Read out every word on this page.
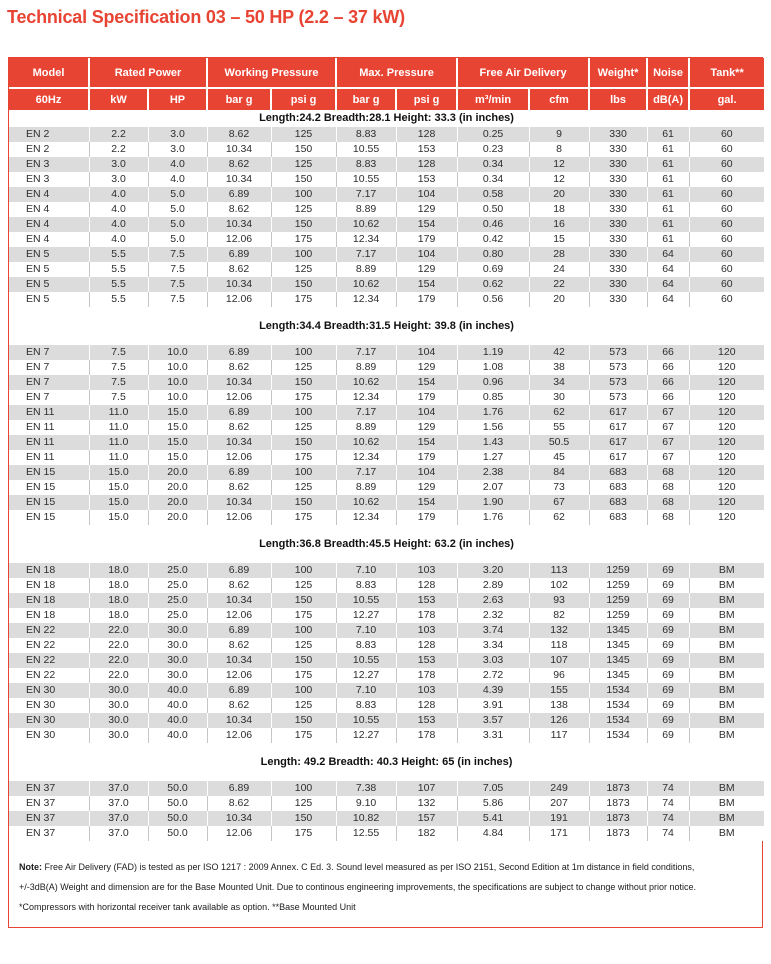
Technical Specification 03 – 50 HP (2.2 – 37 kW)
Model	Rated Power		Working Pressure		Max. Pressure		Free Air Delivery		Weight*	Noise	Tank**
60Hz	kW	HP	bar g	psi g	bar g	psi g	m³/min	cfm	lbs	dB(A)	gal.
Length:24.2 Breadth:28.1 Height: 33.3 (in inches)											
EN 2	2.2	3.0	8.62	125	8.83	128	0.25	9	330	61	60
EN 2	2.2	3.0	10.34	150	10.55	153	0.23	8	330	61	60
EN 3	3.0	4.0	8.62	125	8.83	128	0.34	12	330	61	60
EN 3	3.0	4.0	10.34	150	10.55	153	0.34	12	330	61	60
EN 4	4.0	5.0	6.89	100	7.17	104	0.58	20	330	61	60
EN 4	4.0	5.0	8.62	125	8.89	129	0.50	18	330	61	60
EN 4	4.0	5.0	10.34	150	10.62	154	0.46	16	330	61	60
EN 4	4.0	5.0	12.06	175	12.34	179	0.42	15	330	61	60
EN 5	5.5	7.5	6.89	100	7.17	104	0.80	28	330	64	60
EN 5	5.5	7.5	8.62	125	8.89	129	0.69	24	330	64	60
EN 5	5.5	7.5	10.34	150	10.62	154	0.62	22	330	64	60
EN 5	5.5	7.5	12.06	175	12.34	179	0.56	20	330	64	60
Length:34.4 Breadth:31.5 Height: 39.8 (in inches)											
EN 7	7.5	10.0	6.89	100	7.17	104	1.19	42	573	66	120
EN 7	7.5	10.0	8.62	125	8.89	129	1.08	38	573	66	120
EN 7	7.5	10.0	10.34	150	10.62	154	0.96	34	573	66	120
EN 7	7.5	10.0	12.06	175	12.34	179	0.85	30	573	66	120
EN 11	11.0	15.0	6.89	100	7.17	104	1.76	62	617	67	120
EN 11	11.0	15.0	8.62	125	8.89	129	1.56	55	617	67	120
EN 11	11.0	15.0	10.34	150	10.62	154	1.43	50.5	617	67	120
EN 11	11.0	15.0	12.06	175	12.34	179	1.27	45	617	67	120
EN 15	15.0	20.0	6.89	100	7.17	104	2.38	84	683	68	120
EN 15	15.0	20.0	8.62	125	8.89	129	2.07	73	683	68	120
EN 15	15.0	20.0	10.34	150	10.62	154	1.90	67	683	68	120
EN 15	15.0	20.0	12.06	175	12.34	179	1.76	62	683	68	120
Length:36.8 Breadth:45.5 Height: 63.2 (in inches)											
EN 18	18.0	25.0	6.89	100	7.10	103	3.20	113	1259	69	BM
EN 18	18.0	25.0	8.62	125	8.83	128	2.89	102	1259	69	BM
EN 18	18.0	25.0	10.34	150	10.55	153	2.63	93	1259	69	BM
EN 18	18.0	25.0	12.06	175	12.27	178	2.32	82	1259	69	BM
EN 22	22.0	30.0	6.89	100	7.10	103	3.74	132	1345	69	BM
EN 22	22.0	30.0	8.62	125	8.83	128	3.34	118	1345	69	BM
EN 22	22.0	30.0	10.34	150	10.55	153	3.03	107	1345	69	BM
EN 22	22.0	30.0	12.06	175	12.27	178	2.72	96	1345	69	BM
EN 30	30.0	40.0	6.89	100	7.10	103	4.39	155	1534	69	BM
EN 30	30.0	40.0	8.62	125	8.83	128	3.91	138	1534	69	BM
EN 30	30.0	40.0	10.34	150	10.55	153	3.57	126	1534	69	BM
EN 30	30.0	40.0	12.06	175	12.27	178	3.31	117	1534	69	BM
Length: 49.2 Breadth: 40.3 Height: 65 (in inches)											
EN 37	37.0	50.0	6.89	100	7.38	107	7.05	249	1873	74	BM
EN 37	37.0	50.0	8.62	125	9.10	132	5.86	207	1873	74	BM
EN 37	37.0	50.0	10.34	150	10.82	157	5.41	191	1873	74	BM
EN 37	37.0	50.0	12.06	175	12.55	182	4.84	171	1873	74	BM
Note: Free Air Delivery (FAD) is tested as per ISO 1217 : 2009 Annex. C Ed. 3. Sound level measured as per ISO 2151, Second Edition at 1m distance in field conditions,
+/-3dB(A) Weight and dimension are for the Base Mounted Unit. Due to continous engineering improvements, the specifications are subject to change without prior notice.
*Compressors with horizontal receiver tank available as option. **Base Mounted Unit
